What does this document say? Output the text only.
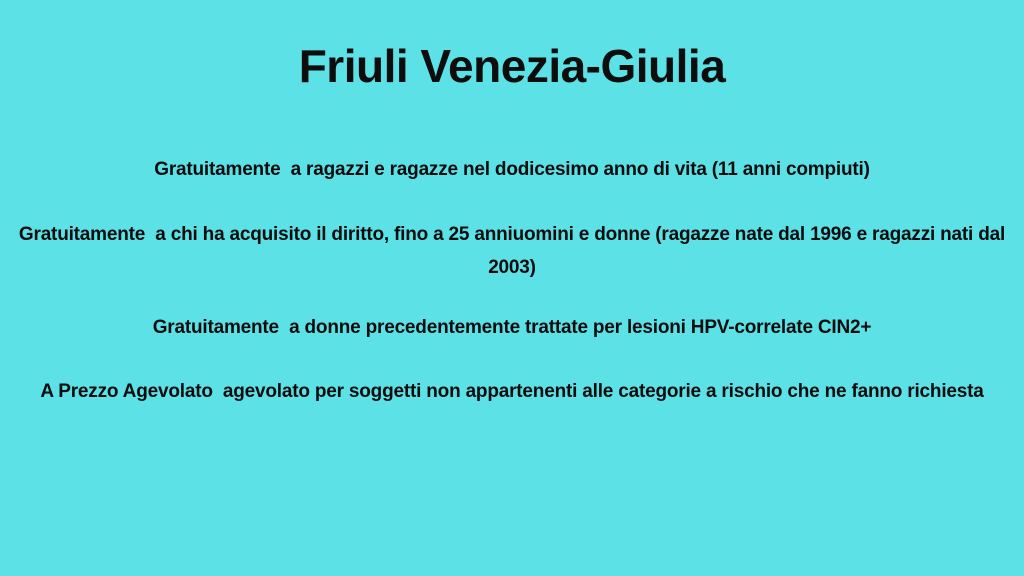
Friuli Venezia-Giulia

Gratuitamente  a ragazzi e ragazze nel dodicesimo anno di vita (11 anni compiuti)

Gratuitamente  a chi ha acquisito il diritto, fino a 25 anniuomini e donne (ragazze nate dal 1996 e ragazzi nati dal 2003)

Gratuitamente  a donne precedentemente trattate per lesioni HPV-correlate CIN2+

A Prezzo Agevolato  agevolato per soggetti non appartenenti alle categorie a rischio che ne fanno richiesta
